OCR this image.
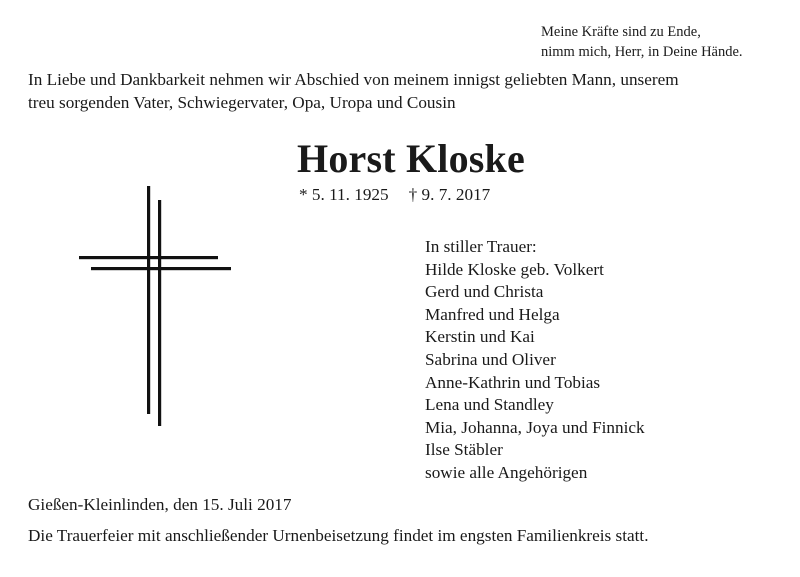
Meine Kräfte sind zu Ende,
nimm mich, Herr, in Deine Hände.
In Liebe und Dankbarkeit nehmen wir Abschied von meinem innigst geliebten Mann, unserem
treu sorgenden Vater, Schwiegervater, Opa, Uropa und Cousin
Horst Kloske
* 5. 11. 1925 † 9. 7. 2017
In stiller Trauer:
Hilde Kloske geb. Volkert
Gerd und Christa
Manfred und Helga
Kerstin und Kai
Sabrina und Oliver
Anne-Kathrin und Tobias
Lena und Standley
Mia, Johanna, Joya und Finnick
Ilse Stäbler
sowie alle Angehörigen
Gießen-Kleinlinden, den 15. Juli 2017
Die Trauerfeier mit anschließender Urnenbeisetzung findet im engsten Familienkreis statt.
